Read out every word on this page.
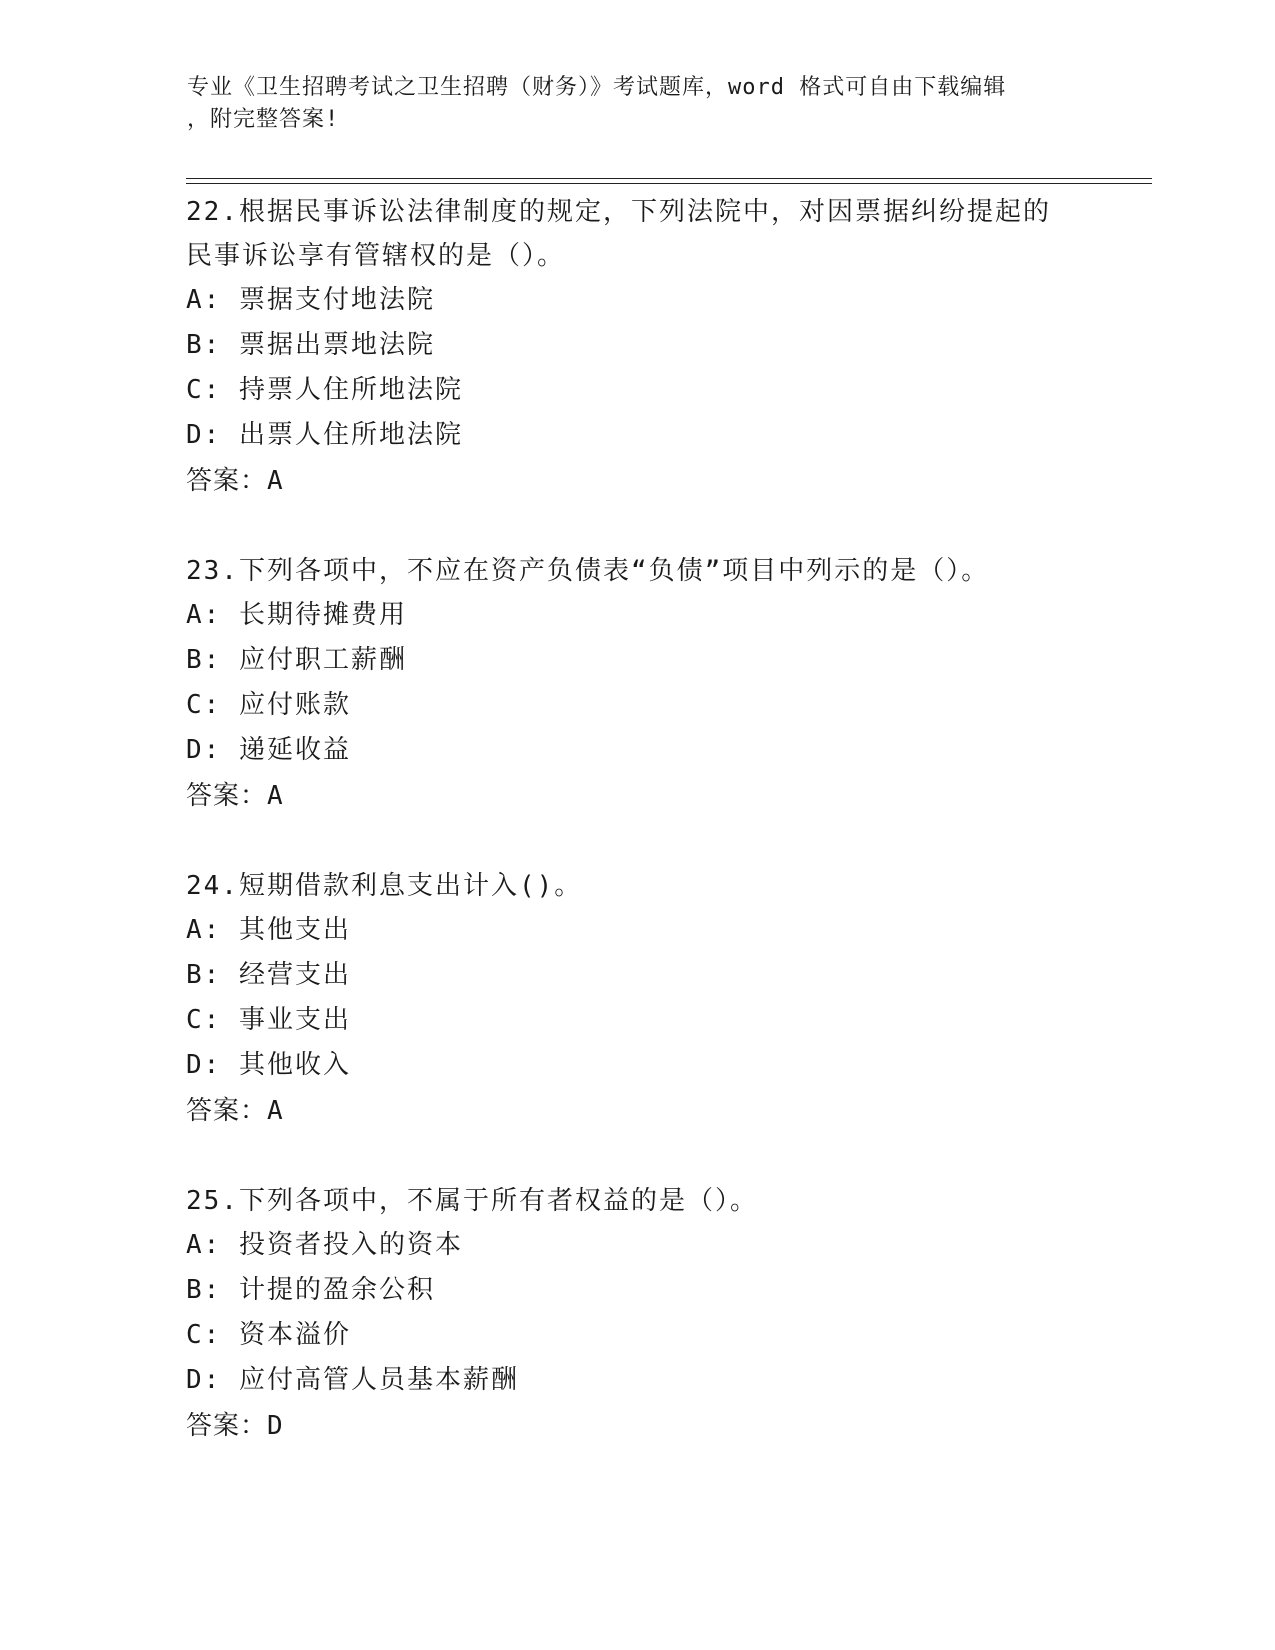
专业《卫生招聘考试之卫生招聘（财务）》考试题库，word 格式可自由下载编辑
，附完整答案!
22.根据民事诉讼法律制度的规定，下列法院中，对因票据纠纷提起的
民事诉讼享有管辖权的是（）。
A: 票据支付地法院
B: 票据出票地法院
C: 持票人住所地法院
D: 出票人住所地法院
答案：A
23.下列各项中，不应在资产负债表“负债”项目中列示的是（）。
A: 长期待摊费用
B: 应付职工薪酬
C: 应付账款
D: 递延收益
答案：A
24.短期借款利息支出计入()。
A: 其他支出
B: 经营支出
C: 事业支出
D: 其他收入
答案：A
25.下列各项中，不属于所有者权益的是（）。
A: 投资者投入的资本
B: 计提的盈余公积
C: 资本溢价
D: 应付高管人员基本薪酬
答案：D
